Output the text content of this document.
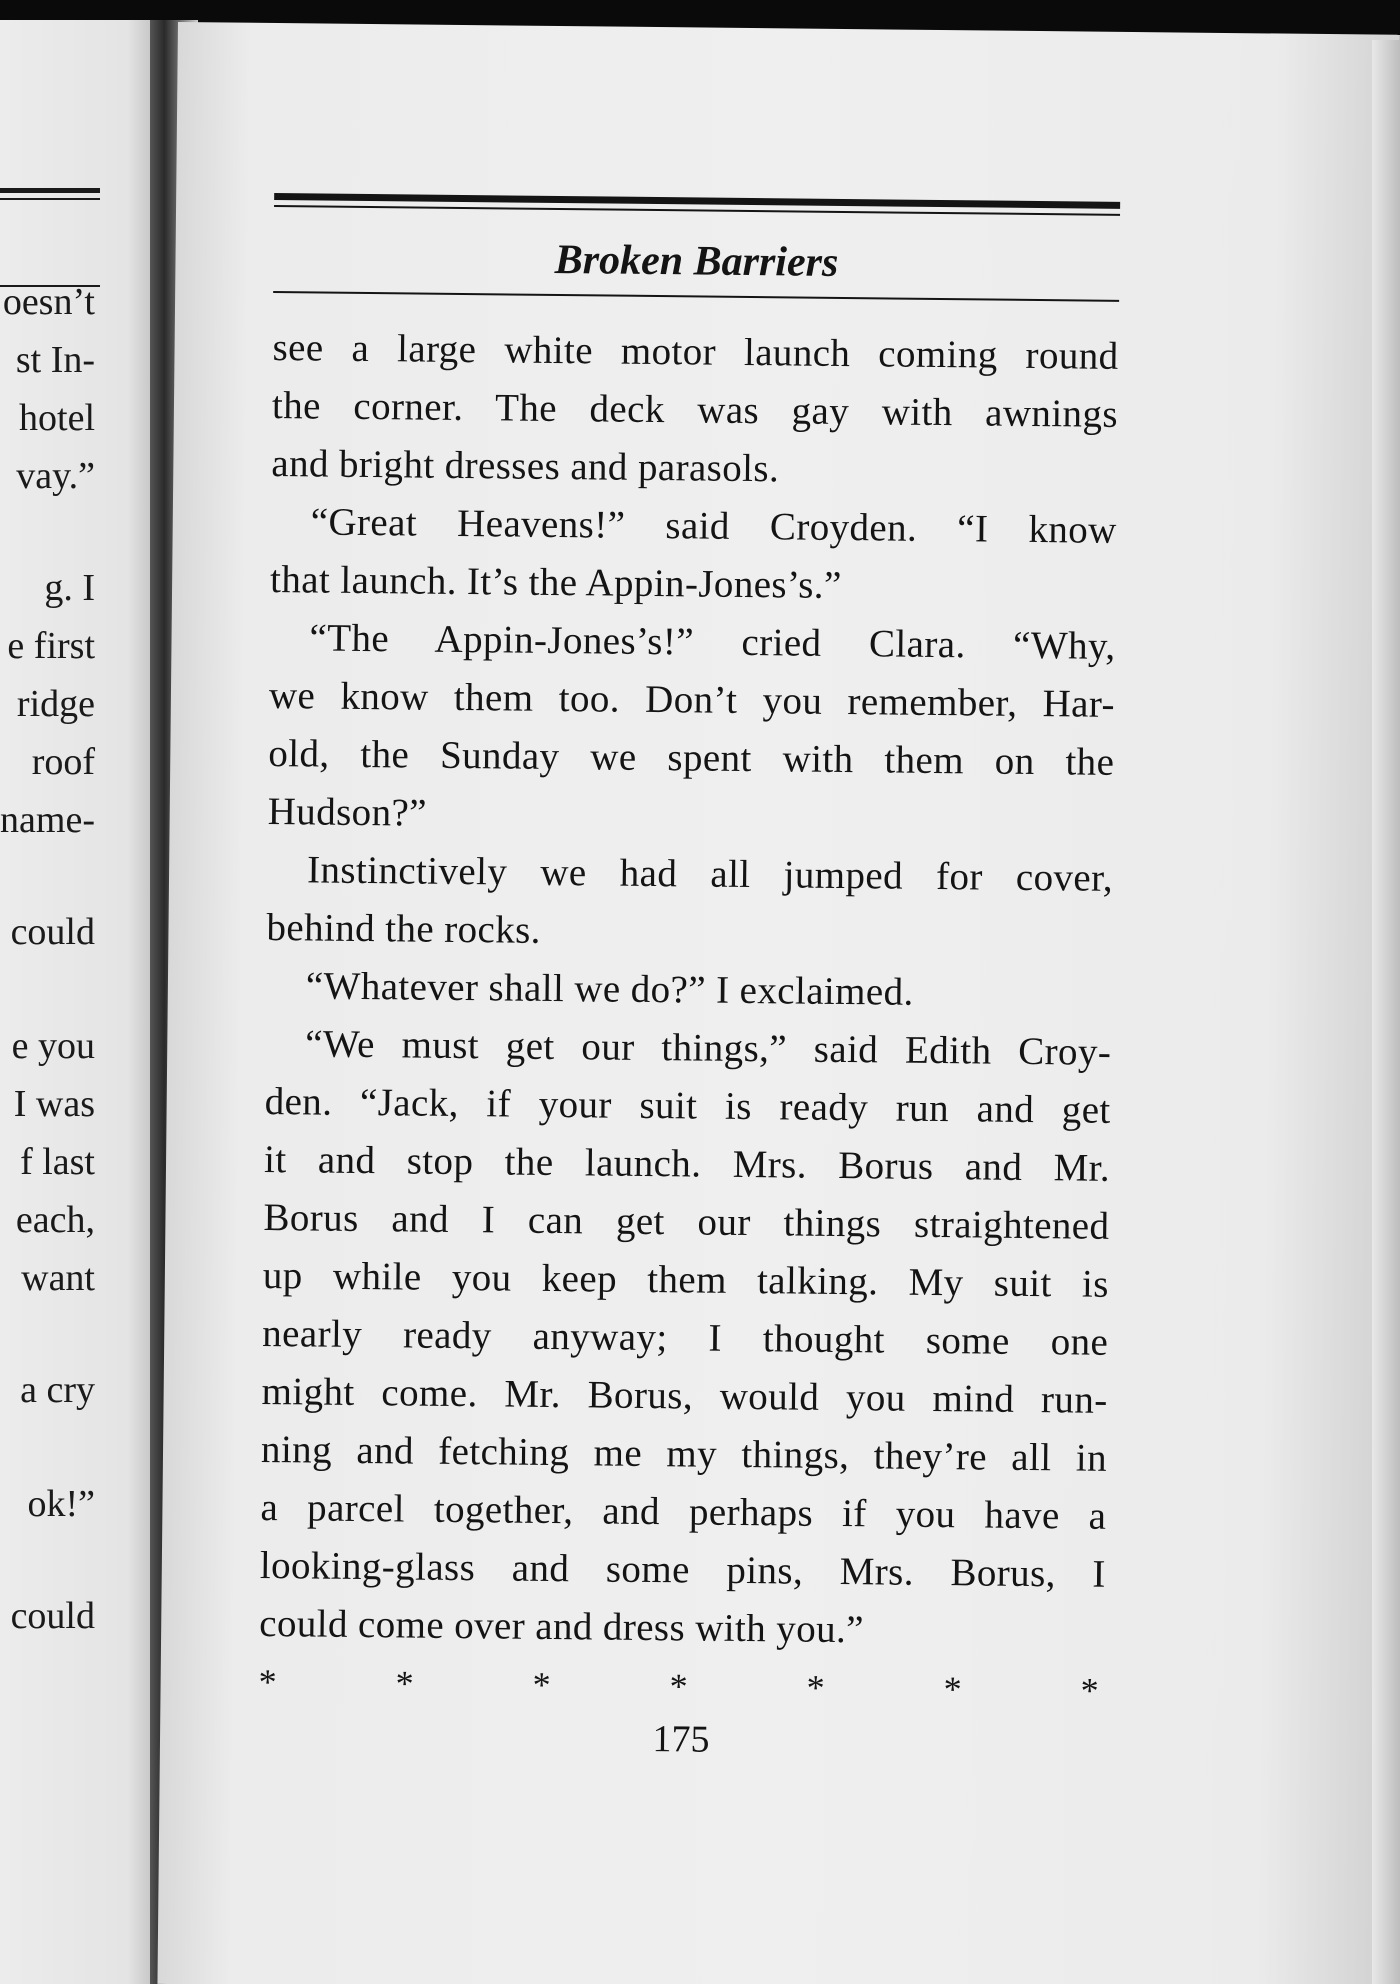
oesn’t
st In-
hotel
vay.”
g. I
e first
ridge
roof
name-
could
e you
I was
f last
each,
want
a cry
ok!”
could
Broken Barriers
see a large white motor launch coming round
the corner. The deck was gay with awnings
and bright dresses and parasols.
“Great Heavens!” said Croyden. “I know
that launch. It’s the Appin-Jones’s.”
“The Appin-Jones’s!” cried Clara. “Why,
we know them too. Don’t you remember, Har-
old, the Sunday we spent with them on the
Hudson?”
Instinctively we had all jumped for cover,
behind the rocks.
“Whatever shall we do?” I exclaimed.
“We must get our things,” said Edith Croy-
den. “Jack, if your suit is ready run and get
it and stop the launch. Mrs. Borus and Mr.
Borus and I can get our things straightened
up while you keep them talking. My suit is
nearly ready anyway; I thought some one
might come. Mr. Borus, would you mind run-
ning and fetching me my things, they’re all in
a parcel together, and perhaps if you have a
looking-glass and some pins, Mrs. Borus, I
could come over and dress with you.”
*	*	*	*	*	*	*
175
